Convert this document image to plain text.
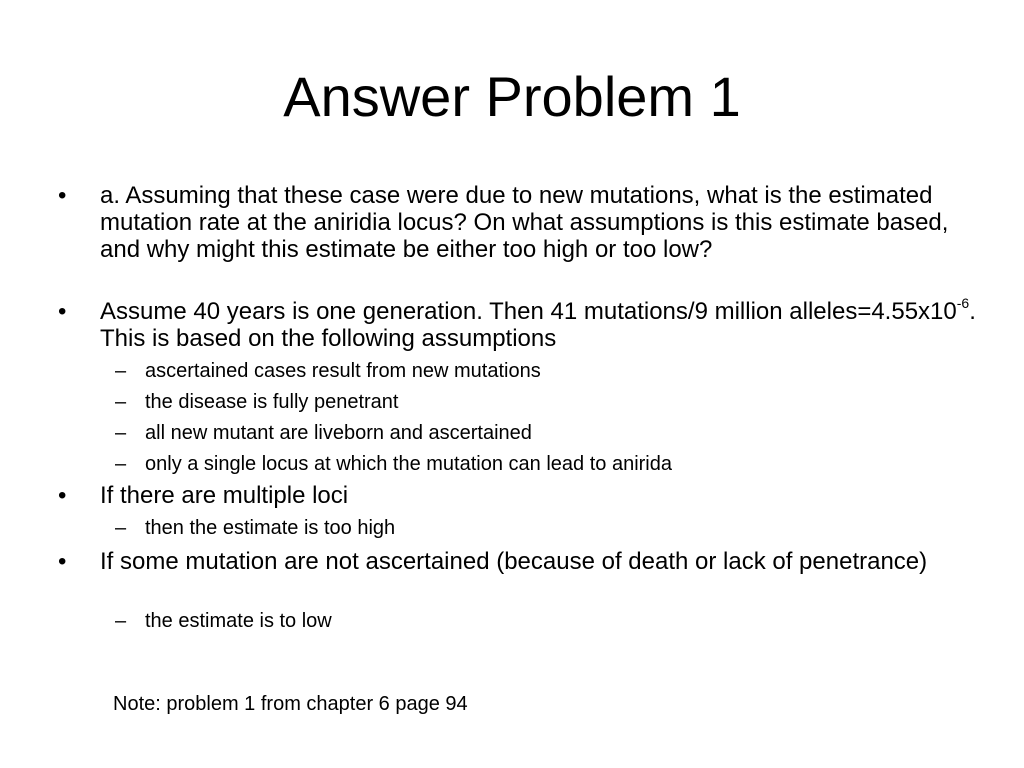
Answer Problem 1
• a. Assuming that these case were due to new mutations, what is the estimated mutation rate at the aniridia locus? On what assumptions is this estimate based, and why might this estimate be either too high or too low?
• Assume 40 years is one generation. Then 41 mutations/9 million $alleles=4.55x10^{-6}$. This is based on the following assumptions
– ascertained cases result from new mutations
– the disease is fully penetrant
– all new mutant are liveborn and ascertained
– only a single locus at which the mutation can lead to anirida
• If there are multiple loci
– then the estimate is too high
• If some mutation are not ascertained (because of death or lack of penetrance)
– the estimate is to low
Note: problem 1 from chapter 6 page 94
